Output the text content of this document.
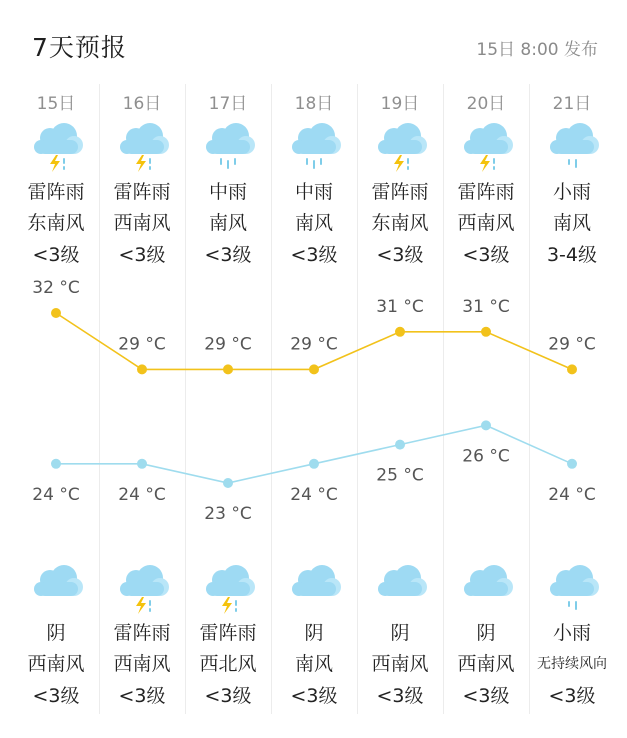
7天预报	15日 8:00 发布
15日
雷阵雨
东南风
<3级
阴
西南风
<3级
16日
雷阵雨
西南风
<3级
雷阵雨
西南风
<3级
17日
中雨
南风
<3级
雷阵雨
西北风
<3级
18日
中雨
南风
<3级
阴
南风
<3级
19日
雷阵雨
东南风
<3级
阴
西南风
<3级
20日
雷阵雨
西南风
<3级
阴
西南风
<3级
21日
小雨
南风
3-4级
小雨
无持续风向
<3级
32 °C
29 °C 29 °C 29 °C
31 °C 31 °C
29 °C
24 °C 24 °C
23 °C
24 °C
25 °C
26 °C
24 °C
